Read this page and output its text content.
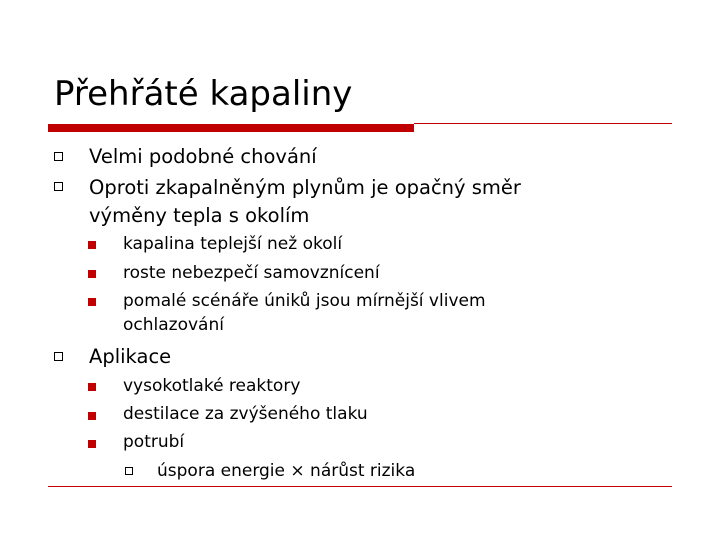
Přehřáté kapaliny
Velmi podobné chování
Oproti zkapalněným plynům je opačný směr
výměny tepla s okolím
kapalina teplejší než okolí
roste nebezpečí samovznícení
pomalé scénáře úniků jsou mírnější vlivem
ochlazování
Aplikace
vysokotlaké reaktory
destilace za zvýšeného tlaku
potrubí
úspora energie × nárůst rizika
